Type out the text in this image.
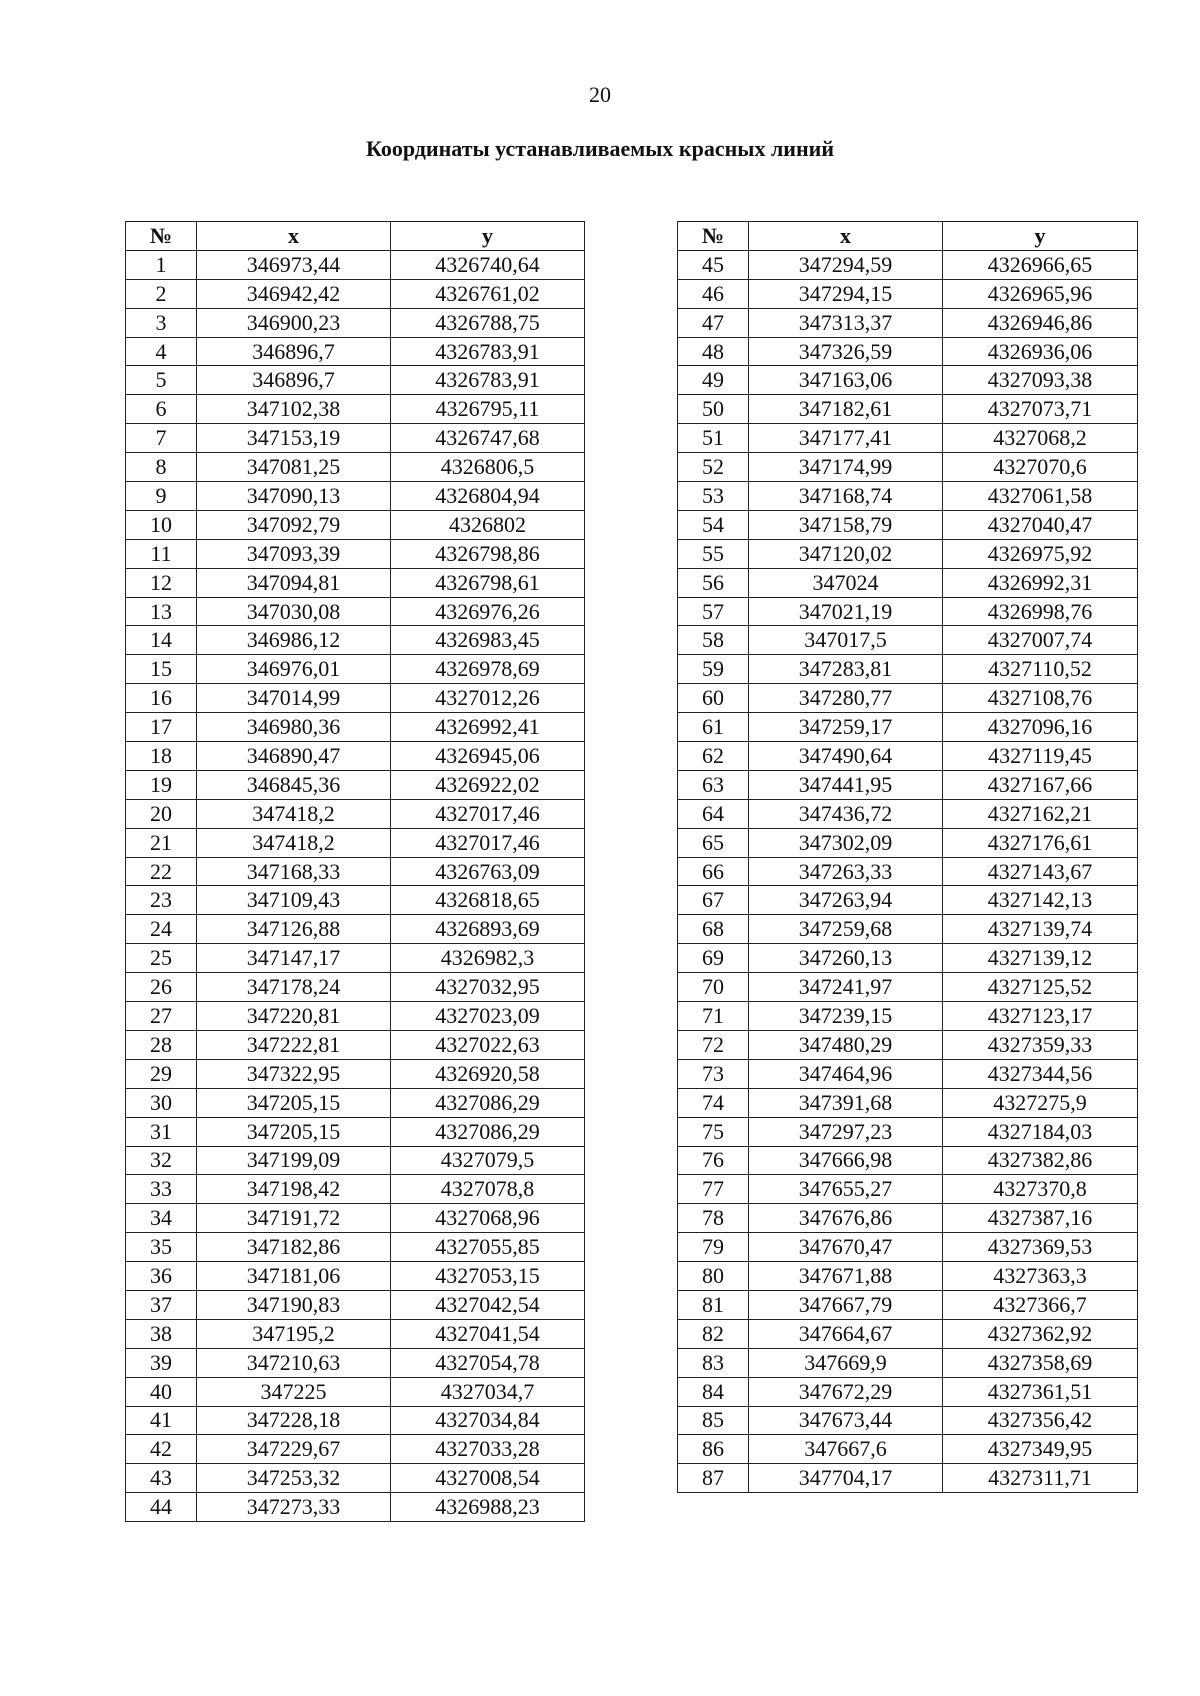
20
Координаты устанавливаемых красных линий
№	x	y
1	346973,44	4326740,64
2	346942,42	4326761,02
3	346900,23	4326788,75
4	346896,7	4326783,91
5	346896,7	4326783,91
6	347102,38	4326795,11
7	347153,19	4326747,68
8	347081,25	4326806,5
9	347090,13	4326804,94
10	347092,79	4326802
11	347093,39	4326798,86
12	347094,81	4326798,61
13	347030,08	4326976,26
14	346986,12	4326983,45
15	346976,01	4326978,69
16	347014,99	4327012,26
17	346980,36	4326992,41
18	346890,47	4326945,06
19	346845,36	4326922,02
20	347418,2	4327017,46
21	347418,2	4327017,46
22	347168,33	4326763,09
23	347109,43	4326818,65
24	347126,88	4326893,69
25	347147,17	4326982,3
26	347178,24	4327032,95
27	347220,81	4327023,09
28	347222,81	4327022,63
29	347322,95	4326920,58
30	347205,15	4327086,29
31	347205,15	4327086,29
32	347199,09	4327079,5
33	347198,42	4327078,8
34	347191,72	4327068,96
35	347182,86	4327055,85
36	347181,06	4327053,15
37	347190,83	4327042,54
38	347195,2	4327041,54
39	347210,63	4327054,78
40	347225	4327034,7
41	347228,18	4327034,84
42	347229,67	4327033,28
43	347253,32	4327008,54
44	347273,33	4326988,23
№	x	y
45	347294,59	4326966,65
46	347294,15	4326965,96
47	347313,37	4326946,86
48	347326,59	4326936,06
49	347163,06	4327093,38
50	347182,61	4327073,71
51	347177,41	4327068,2
52	347174,99	4327070,6
53	347168,74	4327061,58
54	347158,79	4327040,47
55	347120,02	4326975,92
56	347024	4326992,31
57	347021,19	4326998,76
58	347017,5	4327007,74
59	347283,81	4327110,52
60	347280,77	4327108,76
61	347259,17	4327096,16
62	347490,64	4327119,45
63	347441,95	4327167,66
64	347436,72	4327162,21
65	347302,09	4327176,61
66	347263,33	4327143,67
67	347263,94	4327142,13
68	347259,68	4327139,74
69	347260,13	4327139,12
70	347241,97	4327125,52
71	347239,15	4327123,17
72	347480,29	4327359,33
73	347464,96	4327344,56
74	347391,68	4327275,9
75	347297,23	4327184,03
76	347666,98	4327382,86
77	347655,27	4327370,8
78	347676,86	4327387,16
79	347670,47	4327369,53
80	347671,88	4327363,3
81	347667,79	4327366,7
82	347664,67	4327362,92
83	347669,9	4327358,69
84	347672,29	4327361,51
85	347673,44	4327356,42
86	347667,6	4327349,95
87	347704,17	4327311,71
